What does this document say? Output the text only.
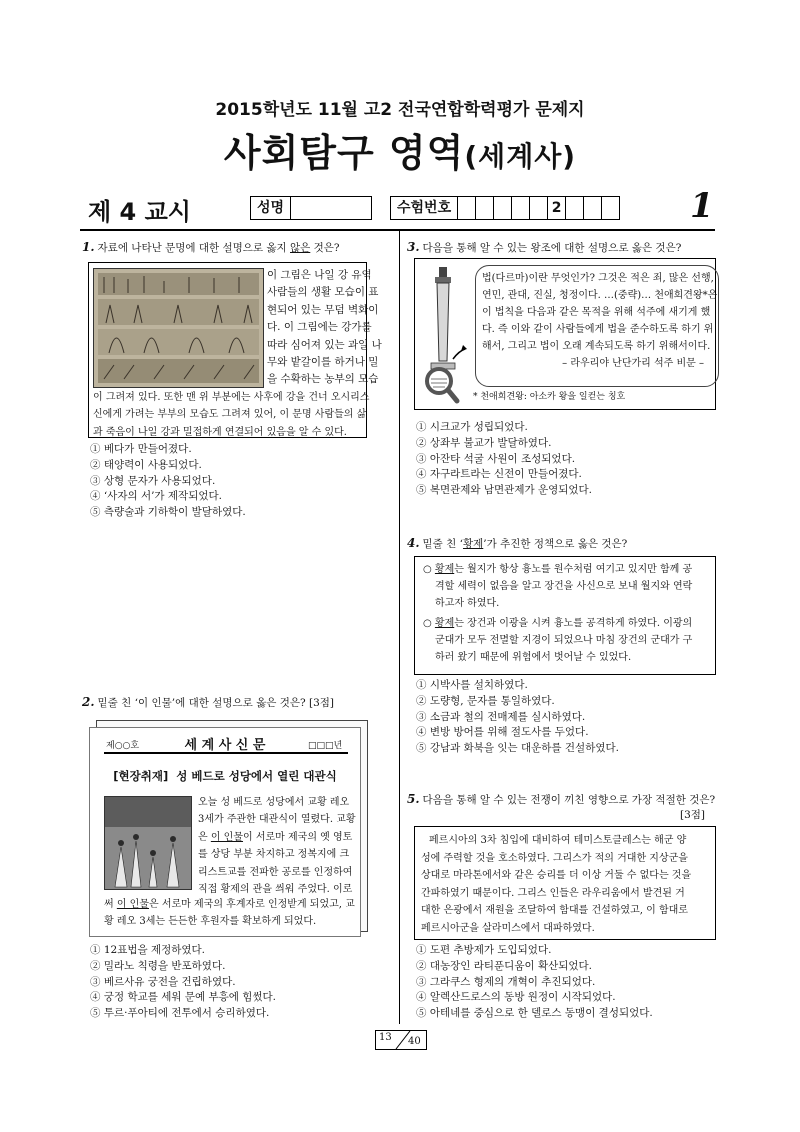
2015학년도 11월 고2 전국연합학력평가 문제지
사회탐구 영역(세계사)
제 4 교시	성명	수험번호	2	1
1. 자료에 나타난 문명에 대한 설명으로 옳지 않은 것은?
이 그림은 나일 강 유역
사람들의 생활 모습이 표
현되어 있는 무덤 벽화이
다. 이 그림에는 강가를
따라 심어져 있는 과일 나
무와 밭갈이를 하거나 밀
을 수확하는 농부의 모습
이 그려져 있다. 또한 맨 위 부분에는 사후에 강을 건너 오시리스
신에게 가려는 부부의 모습도 그려져 있어, 이 문명 사람들의 삶
과 죽음이 나일 강과 밀접하게 연결되어 있음을 알 수 있다.
① 베다가 만들어졌다.
② 태양력이 사용되었다.
③ 상형 문자가 사용되었다.
④ ‘사자의 서’가 제작되었다.
⑤ 측량술과 기하학이 발달하였다.
2. 밑줄 친 ‘이 인물’에 대한 설명으로 옳은 것은? [3점]
제○○호	세 계 사 신 문	□□□년
[현장취재] 성 베드로 성당에서 열린 대관식
오늘 성 베드로 성당에서 교황 레오
3세가 주관한 대관식이 열렸다. 교황
은 이 인물이 서로마 제국의 옛 영토
를 상당 부분 차지하고 정복지에 크
리스트교를 전파한 공로를 인정하여
직접 황제의 관을 씌워 주었다. 이로
써 이 인물은 서로마 제국의 후계자로 인정받게 되었고, 교
황 레오 3세는 든든한 후원자를 확보하게 되었다.
① 12표법을 제정하였다.
② 밀라노 칙령을 반포하였다.
③ 베르사유 궁전을 건립하였다.
④ 궁정 학교를 세워 문예 부흥에 힘썼다.
⑤ 투르·푸아티에 전투에서 승리하였다.
3. 다음을 통해 알 수 있는 왕조에 대한 설명으로 옳은 것은?
법(다르마)이란 무엇인가? 그것은 적은 죄, 많은 선행,
연민, 관대, 진실, 청정이다. …(중략)… 천애희견왕*은
이 법칙을 다음과 같은 목적을 위해 석주에 새기게 했
다. 즉 이와 같이 사람들에게 법을 준수하도록 하기 위
해서, 그리고 법이 오래 계속되도록 하기 위해서이다.
– 라우리야 난단가리 석주 비문 –
* 천애희견왕: 아소카 왕을 일컫는 칭호
① 시크교가 성립되었다.
② 상좌부 불교가 발달하였다.
③ 아잔타 석굴 사원이 조성되었다.
④ 자구라트라는 신전이 만들어졌다.
⑤ 복면관제와 남면관제가 운영되었다.
4. 밑줄 친 ‘황제’가 추진한 정책으로 옳은 것은?
○ 황제는 월지가 항상 흉노를 원수처럼 여기고 있지만 함께 공
격할 세력이 없음을 알고 장건을 사신으로 보내 월지와 연락
하고자 하였다.
○ 황제는 장건과 이광을 시켜 흉노를 공격하게 하였다. 이광의
군대가 모두 전멸할 지경이 되었으나 마침 장건의 군대가 구
하러 왔기 때문에 위험에서 벗어날 수 있었다.
① 시박사를 설치하였다.
② 도량형, 문자를 통일하였다.
③ 소금과 철의 전매제를 실시하였다.
④ 변방 방어를 위해 절도사를 두었다.
⑤ 강남과 화북을 잇는 대운하를 건설하였다.
5. 다음을 통해 알 수 있는 전쟁이 끼친 영향으로 가장 적절한 것은?
[3점]
페르시아의 3차 침입에 대비하여 테미스토클레스는 해군 양
성에 주력할 것을 호소하였다. 그리스가 적의 거대한 지상군을
상대로 마라톤에서와 같은 승리를 더 이상 거둘 수 없다는 것을
간파하였기 때문이다. 그리스 인들은 라우리움에서 발견된 거
대한 은광에서 재원을 조달하여 함대를 건설하였고, 이 함대로
페르시아군을 살라미스에서 대파하였다.
① 도편 추방제가 도입되었다.
② 대농장인 라티푼디움이 확산되었다.
③ 그라쿠스 형제의 개혁이 추진되었다.
④ 알렉산드로스의 동방 원정이 시작되었다.
⑤ 아테네를 중심으로 한 델로스 동맹이 결성되었다.
13 40
